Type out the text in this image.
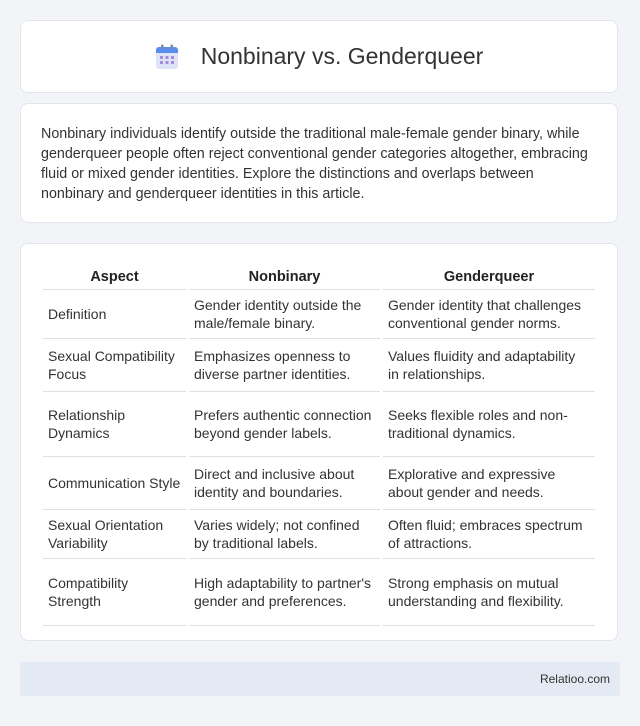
Nonbinary vs. Genderqueer

Nonbinary individuals identify outside the traditional male-female gender binary, while genderqueer people often reject conventional gender categories altogether, embracing fluid or mixed gender identities. Explore the distinctions and overlaps between nonbinary and genderqueer identities in this article.

Aspect	Nonbinary	Genderqueer
Definition	Gender identity outside the male/female binary.	Gender identity that challenges conventional gender norms.
Sexual Compatibility Focus	Emphasizes openness to diverse partner identities.	Values fluidity and adaptability in relationships.
Relationship Dynamics	Prefers authentic connection beyond gender labels.	Seeks flexible roles and non-traditional dynamics.
Communication Style	Direct and inclusive about identity and boundaries.	Explorative and expressive about gender and needs.
Sexual Orientation Variability	Varies widely; not confined by traditional labels.	Often fluid; embraces spectrum of attractions.
Compatibility Strength	High adaptability to partner's gender and preferences.	Strong emphasis on mutual understanding and flexibility.
Relatioo.com
